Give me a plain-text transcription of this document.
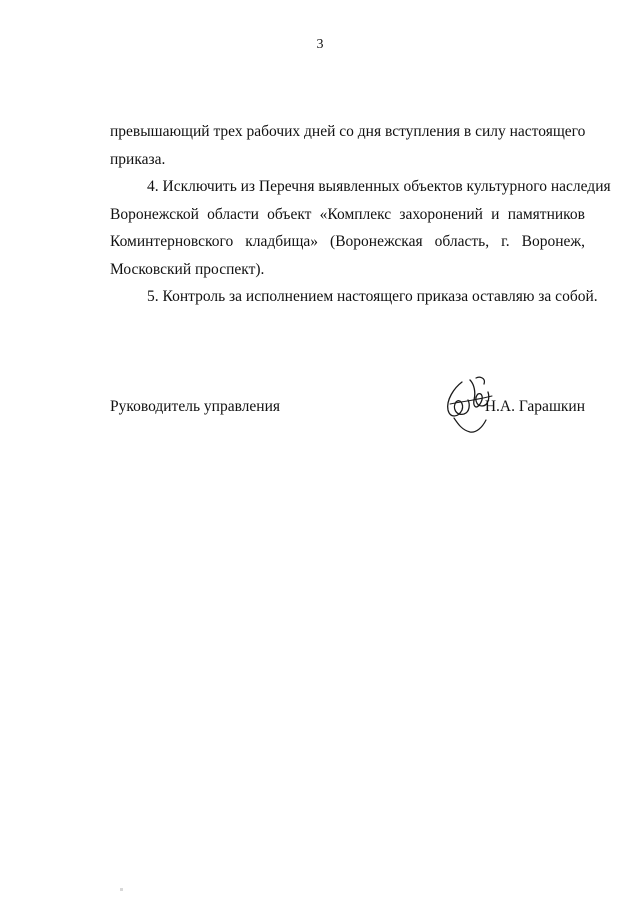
3

превышающий трех рабочих дней со дня вступления в силу настоящего
приказа.

4. Исключить из Перечня выявленных объектов культурного наследия
Воронежской области объект «Комплекс захоронений и памятников
Коминтерновского кладбища» (Воронежская область, г. Воронеж,
Московский проспект).

5. Контроль за исполнением настоящего приказа оставляю за собой.

Руководитель управления	Н.А. Гарашкин
